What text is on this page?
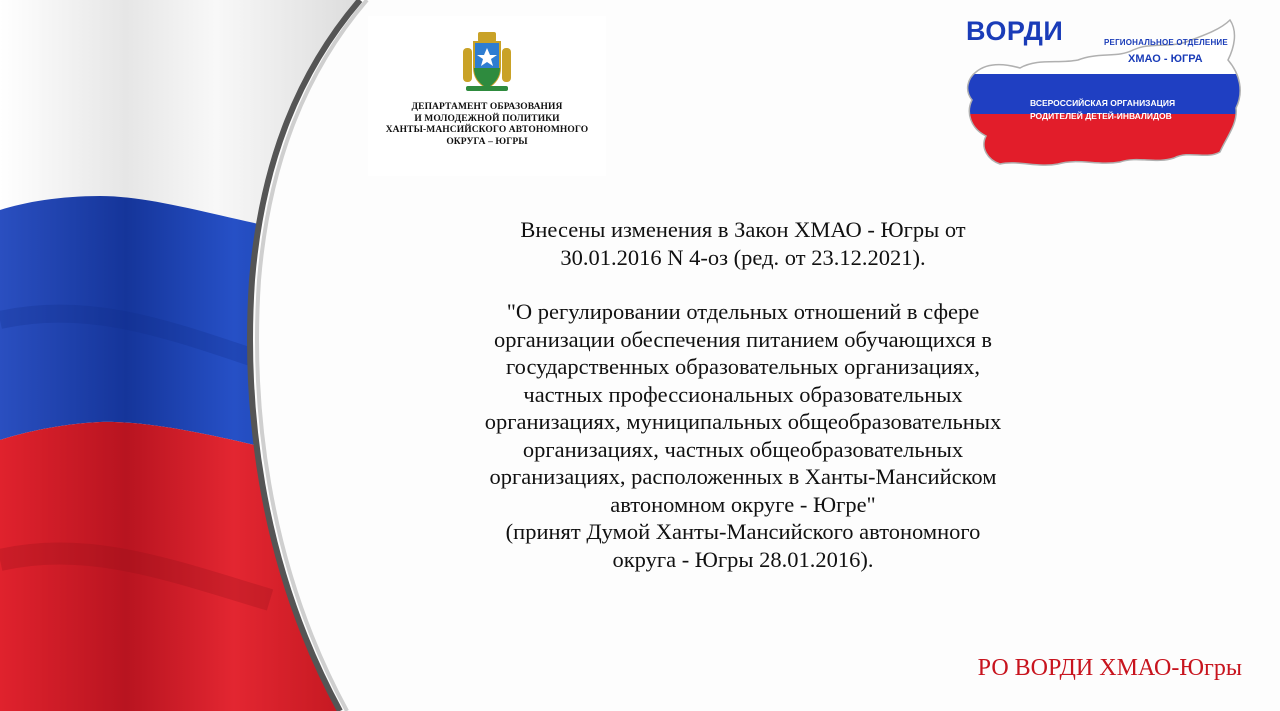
ДЕПАРТАМЕНТ ОБРАЗОВАНИЯ
И МОЛОДЕЖНОЙ ПОЛИТИКИ
ХАНТЫ-МАНСИЙСКОГО АВТОНОМНОГО
ОКРУГА – ЮГРЫ
ВОРДИ	РЕГИОНАЛЬНОЕ ОТДЕЛЕНИЕ
ХМАО - ЮГРА
ВСЕРОССИЙСКАЯ ОРГАНИЗАЦИЯ
РОДИТЕЛЕЙ ДЕТЕЙ-ИНВАЛИДОВ

Внесены изменения в Закон ХМАО - Югры от

30.01.2016 N 4-оз (ред. от 23.12.2021).

"О регулировании отдельных отношений в сфере

организации обеспечения питанием обучающихся в

государственных образовательных организациях,

частных профессиональных образовательных

организациях, муниципальных общеобразовательных

организациях, частных общеобразовательных

организациях, расположенных в Ханты-Мансийском

автономном округе - Югре"

(принят Думой Ханты-Мансийского автономного

округа - Югры 28.01.2016).

РО ВОРДИ ХМАО-Югры
